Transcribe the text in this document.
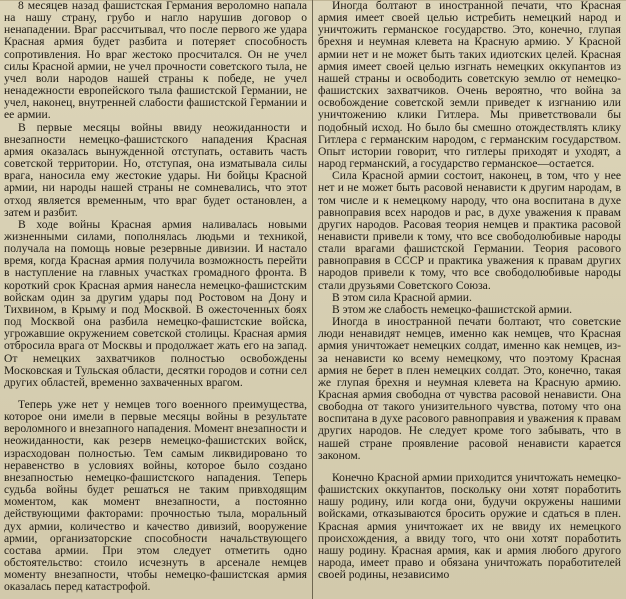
8 месяцев назад фашистская Германия вероломно напала на нашу страну, грубо и нагло нарушив договор о ненападении. Враг рассчитывал, что после первого же удара Красная армия будет разбита и потеряет способность сопротивления. Но враг жестоко просчитался. Он не учел силы Красной армии, не учел прочности советского тыла, не учел воли народов нашей страны к победе, не учел ненадежности европейского тыла фашистской Германии, не учел, наконец, внутренней слабости фашистской Германии и ее армии.

В первые месяцы войны ввиду неожиданности и внезапности немецко-фашистского нападения Красная армия оказалась вынужденной отступать, оставить часть советской территории. Но, отступая, она изматывала силы врага, наносила ему жестокие удары. Ни бойцы Красной армии, ни народы нашей страны не сомневались, что этот отход является временным, что враг будет остановлен, а затем и разбит.

В ходе войны Красная армия наливалась новыми жизненными силами, пополнялась людьми и техникой, получала на помощь новые резервные дивизии. И настало время, когда Красная армия получила возможность перейти в наступление на главных участках громадного фронта. В короткий срок Красная армия нанесла немецко-фашистским войскам один за другим удары под Ростовом на Дону и Тихвином, в Крыму и под Москвой. В ожесточенных боях под Москвой она разбила немецко-фашистские войска, угрожавшие окружением советской столицы. Красная армия отбросила врага от Москвы и продолжает жать его на запад. От немецких захватчиков полностью освобождены Московская и Тульская области, десятки городов и сотни сел других областей, временно захваченных врагом.

Теперь уже нет у немцев того военного преимущества, которое они имели в первые месяцы войны в результате вероломного и внезапного нападения. Момент внезапности и неожиданности, как резерв немецко-фашистских войск, израсходован полностью. Тем самым ликвидировано то неравенство в условиях войны, которое было создано внезапностью немецко-фашистского нападения. Теперь судьба войны будет решаться не таким привходящим моментом, как момент внезапности, а постоянно действующими факторами: прочностью тыла, моральный дух армии, количество и качество дивизий, вооружение армии, организаторские способности начальствующего состава армии. При этом следует отметить одно обстоятельство: стоило исчезнуть в арсенале немцев моменту внезапности, чтобы немецко-фашистская армия оказалась перед катастрофой.

Иногда болтают в иностранной печати, что Красная армия имеет своей целью истребить немецкий народ и уничтожить германское государство. Это, конечно, глупая брехня и неумная клевета на Красную армию. У Красной армии нет и не может быть таких идиотских целей. Красная армия имеет своей целью изгнать немецких оккупантов из нашей страны и освободить советскую землю от немецко-фашистских захватчиков. Очень вероятно, что война за освобождение советской земли приведет к изгнанию или уничтожению клики Гитлера. Мы приветствовали бы подобный исход. Но было бы смешно отождествлять клику Гитлера с германским народом, с германским государством. Опыт истории говорит, что гитлеры приходят и уходят, а народ германский, а государство германское—остается.

Сила Красной армии состоит, наконец, в том, что у нее нет и не может быть расовой ненависти к другим народам, в том числе и к немецкому народу, что она воспитана в духе равноправия всех народов и рас, в духе уважения к правам других народов. Расовая теория немцев и практика расовой ненависти привели к тому, что все свободолюбивые народы стали врагами фашистской Германии. Теория расового равноправия в СССР и практика уважения к правам других народов привели к тому, что все свободолюбивые народы стали друзьями Советского Союза.

В этом сила Красной армии.

В этом же слабость немецко-фашистской армии.

Иногда в иностранной печати болтают, что советские люди ненавидят немцев, именно как немцев, что Красная армия уничтожает немецких солдат, именно как немцев, из-за ненависти ко всему немецкому, что поэтому Красная армия не берет в плен немецких солдат. Это, конечно, такая же глупая брехня и неумная клевета на Красную армию. Красная армия свободна от чувства расовой ненависти. Она свободна от такого унизительного чувства, потому что она воспитана в духе расового равноправия и уважения к правам других народов. Не следует кроме того забывать, что в нашей стране проявление расовой ненависти карается законом.

Конечно Красной армии приходится уничтожать немецко-фашистских оккупантов, поскольку они хотят поработить нашу родину, или когда они, будучи окружены нашими войсками, отказываются бросить оружие и сдаться в плен. Красная армия уничтожает их не ввиду их немецкого происхождения, а ввиду того, что они хотят поработить нашу родину. Красная армия, как и армия любого другого народа, имеет право и обязана уничтожать поработителей своей родины, независимо
